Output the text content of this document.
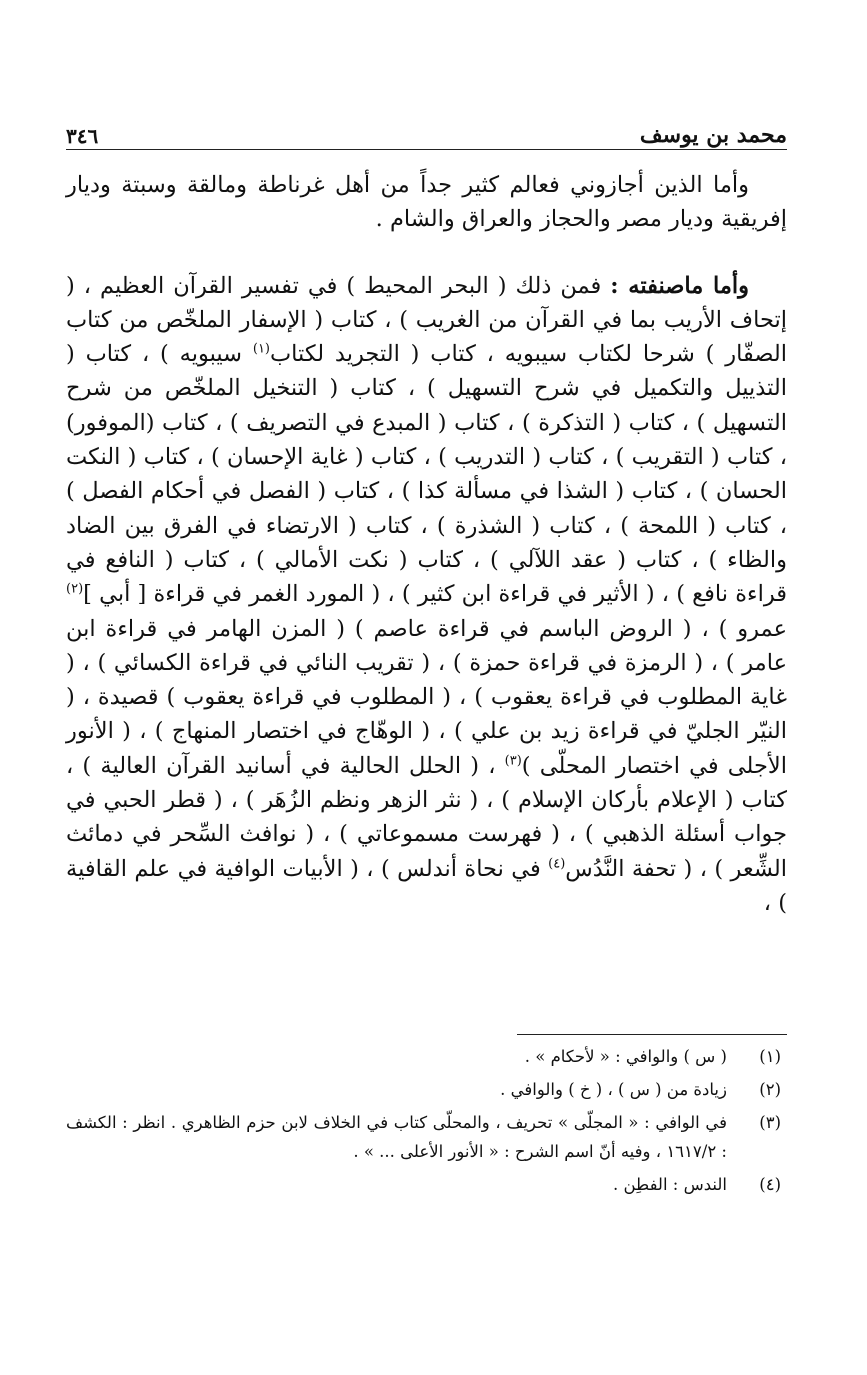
محمد بن يوسف
٣٤٦

وأما الذين أجازوني فعالم كثير جداً من أهل غرناطة ومالقة وسبتة وديار إفريقية وديار مصر والحجاز والعراق والشام .

وأما ماصنفته : فمن ذلك ( البحر المحيط ) في تفسير القرآن العظيم ، ( إتحاف الأريب بما في القرآن من الغريب ) ، كتاب ( الإسفار الملخّص من كتاب الصفّار ) شرحا لكتاب سيبويه ، كتاب ( التجريد لكتاب$^{(١)}$ سيبويه ) ، كتاب ( التذييل والتكميل في شرح التسهيل ) ، كتاب ( التنخيل الملخّص من شرح التسهيل ) ، كتاب ( التذكرة ) ، كتاب ( المبدع في التصريف ) ، كتاب (الموفور) ، كتاب ( التقريب ) ، كتاب ( التدريب ) ، كتاب ( غاية الإحسان ) ، كتاب ( النكت الحسان ) ، كتاب ( الشذا في مسألة كذا ) ، كتاب ( الفصل في أحكام الفصل ) ، كتاب ( اللمحة ) ، كتاب ( الشذرة ) ، كتاب ( الارتضاء في الفرق بين الضاد والظاء ) ، كتاب ( عقد اللآلي ) ، كتاب ( نكت الأمالي ) ، كتاب ( النافع في قراءة نافع ) ، ( الأثير في قراءة ابن كثير ) ، ( المورد الغمر في قراءة [ أبي ]$^{(٢)}$ عمرو ) ، ( الروض الباسم في قراءة عاصم ) ( المزن الهامر في قراءة ابن عامر ) ، ( الرمزة في قراءة حمزة ) ، ( تقريب النائي في قراءة الكسائي ) ، ( غاية المطلوب في قراءة يعقوب ) ، ( المطلوب في قراءة يعقوب ) قصيدة ، ( النيّر الجليّ في قراءة زيد بن علي ) ، ( الوهّاج في اختصار المنهاج ) ، ( الأنور الأجلى في اختصار المحلّى )$^{(٣)}$ ، ( الحلل الحالية في أسانيد القرآن العالية ) ، كتاب ( الإعلام بأركان الإسلام ) ، ( نثر الزهر ونظم الزُهَر ) ، ( قطر الحبي في جواب أسئلة الذهبي ) ، ( فهرست مسموعاتي ) ، ( نوافث السِّحر في دمائث الشِّعر ) ، ( تحفة النَّدُس$^{(٤)}$ في نحاة أندلس ) ، ( الأبيات الوافية في علم القافية ) ،

(١)
( س ) والوافي : « لأحكام » .
(٢)
زيادة من ( س ) ، ( خ ) والوافي .
(٣)
في الوافي : « المجلّى » تحريف ، والمحلّى كتاب في الخلاف لابن حزم الظاهري . انظر : الكشف : ١٦١٧/٢ ، وفيه أنّ اسم الشرح : « الأنور الأعلى ... » .
(٤)
الندس : الفطِن .
